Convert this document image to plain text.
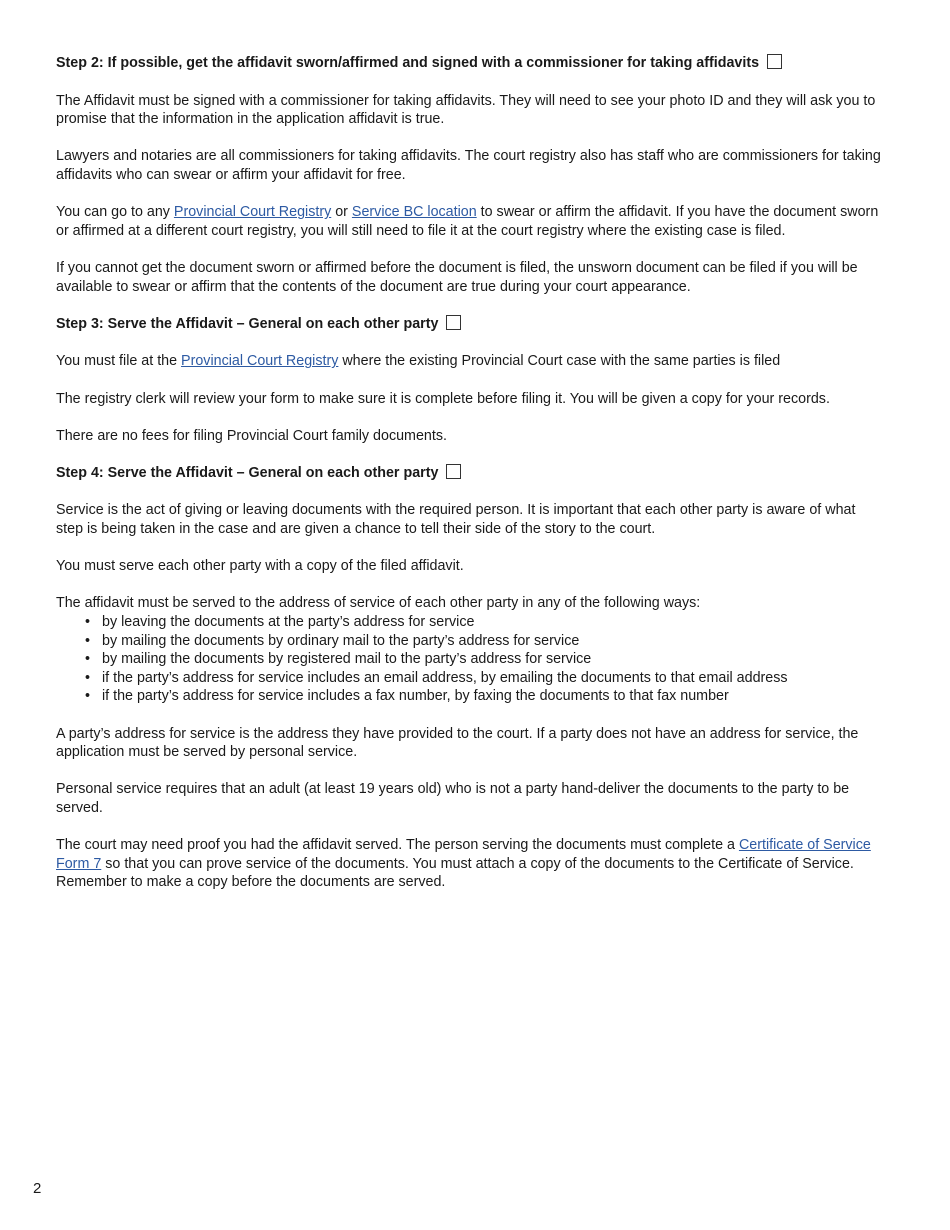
Step 2: If possible, get the affidavit sworn/affirmed and signed with a commissioner for taking affidavits

The Affidavit must be signed with a commissioner for taking affidavits. They will need to see your photo ID and they will ask you to promise that the information in the application affidavit is true.

Lawyers and notaries are all commissioners for taking affidavits. The court registry also has staff who are commissioners for taking affidavits who can swear or affirm your affidavit for free.

You can go to any Provincial Court Registry or Service BC location to swear or affirm the affidavit. If you have the document sworn or affirmed at a different court registry, you will still need to file it at the court registry where the existing case is filed.

If you cannot get the document sworn or affirmed before the document is filed, the unsworn document can be filed if you will be available to swear or affirm that the contents of the document are true during your court appearance.

Step 3: Serve the Affidavit – General on each other party

You must file at the Provincial Court Registry where the existing Provincial Court case with the same parties is filed

The registry clerk will review your form to make sure it is complete before filing it. You will be given a copy for your records.

There are no fees for filing Provincial Court family documents.

Step 4: Serve the Affidavit – General on each other party

Service is the act of giving or leaving documents with the required person. It is important that each other party is aware of what step is being taken in the case and are given a chance to tell their side of the story to the court.

You must serve each other party with a copy of the filed affidavit.

The affidavit must be served to the address of service of each other party in any of the following ways:

• by leaving the documents at the party’s address for service
• by mailing the documents by ordinary mail to the party’s address for service
• by mailing the documents by registered mail to the party’s address for service
• if the party’s address for service includes an email address, by emailing the documents to that email address
• if the party’s address for service includes a fax number, by faxing the documents to that fax number

A party’s address for service is the address they have provided to the court. If a party does not have an address for service, the application must be served by personal service.

Personal service requires that an adult (at least 19 years old) who is not a party hand-deliver the documents to the party to be served.

The court may need proof you had the affidavit served. The person serving the documents must complete a Certificate of Service Form 7 so that you can prove service of the documents. You must attach a copy of the documents to the Certificate of Service. Remember to make a copy before the documents are served.

2
